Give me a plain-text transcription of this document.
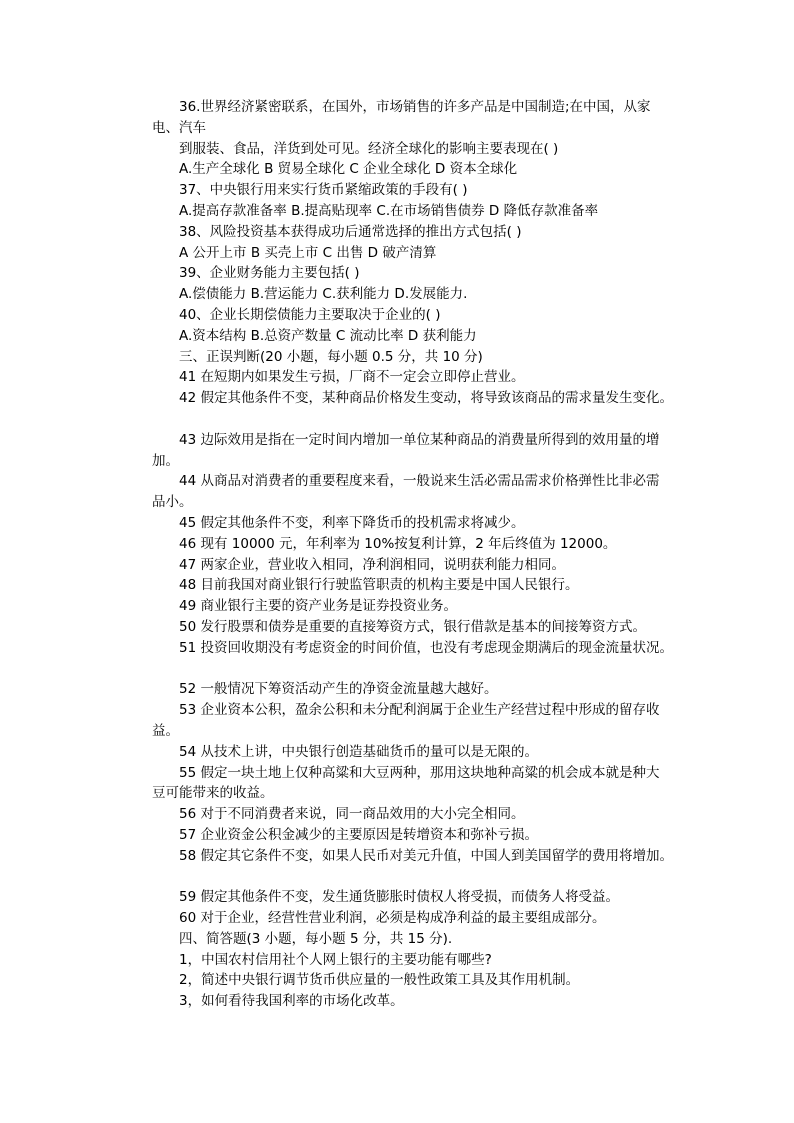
36.世界经济紧密联系，在国外，市场销售的许多产品是中国制造;在中国，从家
电、汽车
到服装、食品，洋货到处可见。经济全球化的影响主要表现在( )
A.生产全球化 B 贸易全球化 C 企业全球化 D 资本全球化
37、中央银行用来实行货币紧缩政策的手段有( )
A.提高存款准备率 B.提高贴现率 C.在市场销售债券 D 降低存款准备率
38、风险投资基本获得成功后通常选择的推出方式包括( )
A 公开上市 B 买壳上市 C 出售 D 破产清算
39、企业财务能力主要包括( )
A.偿债能力 B.营运能力 C.获利能力 D.发展能力.
40、企业长期偿债能力主要取决于企业的( )
A.资本结构 B.总资产数量 C 流动比率 D 获利能力
三、正误判断(20 小题，每小题 0.5 分，共 10 分)
41 在短期内如果发生亏损，厂商不一定会立即停止营业。
42 假定其他条件不变，某种商品价格发生变动，将导致该商品的需求量发生变化。
43 边际效用是指在一定时间内增加一单位某种商品的消费量所得到的效用量的增
加。
44 从商品对消费者的重要程度来看，一般说来生活必需品需求价格弹性比非必需
品小。
45 假定其他条件不变，利率下降货币的投机需求将减少。
46 现有 10000 元，年利率为 10%按复利计算，2 年后终值为 12000。
47 两家企业，营业收入相同，净利润相同，说明获利能力相同。
48 目前我国对商业银行行驶监管职责的机构主要是中国人民银行。
49 商业银行主要的资产业务是证券投资业务。
50 发行股票和债券是重要的直接筹资方式，银行借款是基本的间接筹资方式。
51 投资回收期没有考虑资金的时间价值，也没有考虑现金期满后的现金流量状况。
52 一般情况下筹资活动产生的净资金流量越大越好。
53 企业资本公积，盈余公积和未分配利润属于企业生产经营过程中形成的留存收
益。
54 从技术上讲，中央银行创造基础货币的量可以是无限的。
55 假定一块土地上仅种高粱和大豆两种，那用这块地种高粱的机会成本就是种大
豆可能带来的收益。
56 对于不同消费者来说，同一商品效用的大小完全相同。
57 企业资金公积金减少的主要原因是转增资本和弥补亏损。
58 假定其它条件不变，如果人民币对美元升值，中国人到美国留学的费用将增加。
59 假定其他条件不变，发生通货膨胀时债权人将受损，而债务人将受益。
60 对于企业，经营性营业利润，必须是构成净利益的最主要组成部分。
四、简答题(3 小题，每小题 5 分，共 15 分).
1，中国农村信用社个人网上银行的主要功能有哪些?
2，简述中央银行调节货币供应量的一般性政策工具及其作用机制。
3，如何看待我国利率的市场化改革。
